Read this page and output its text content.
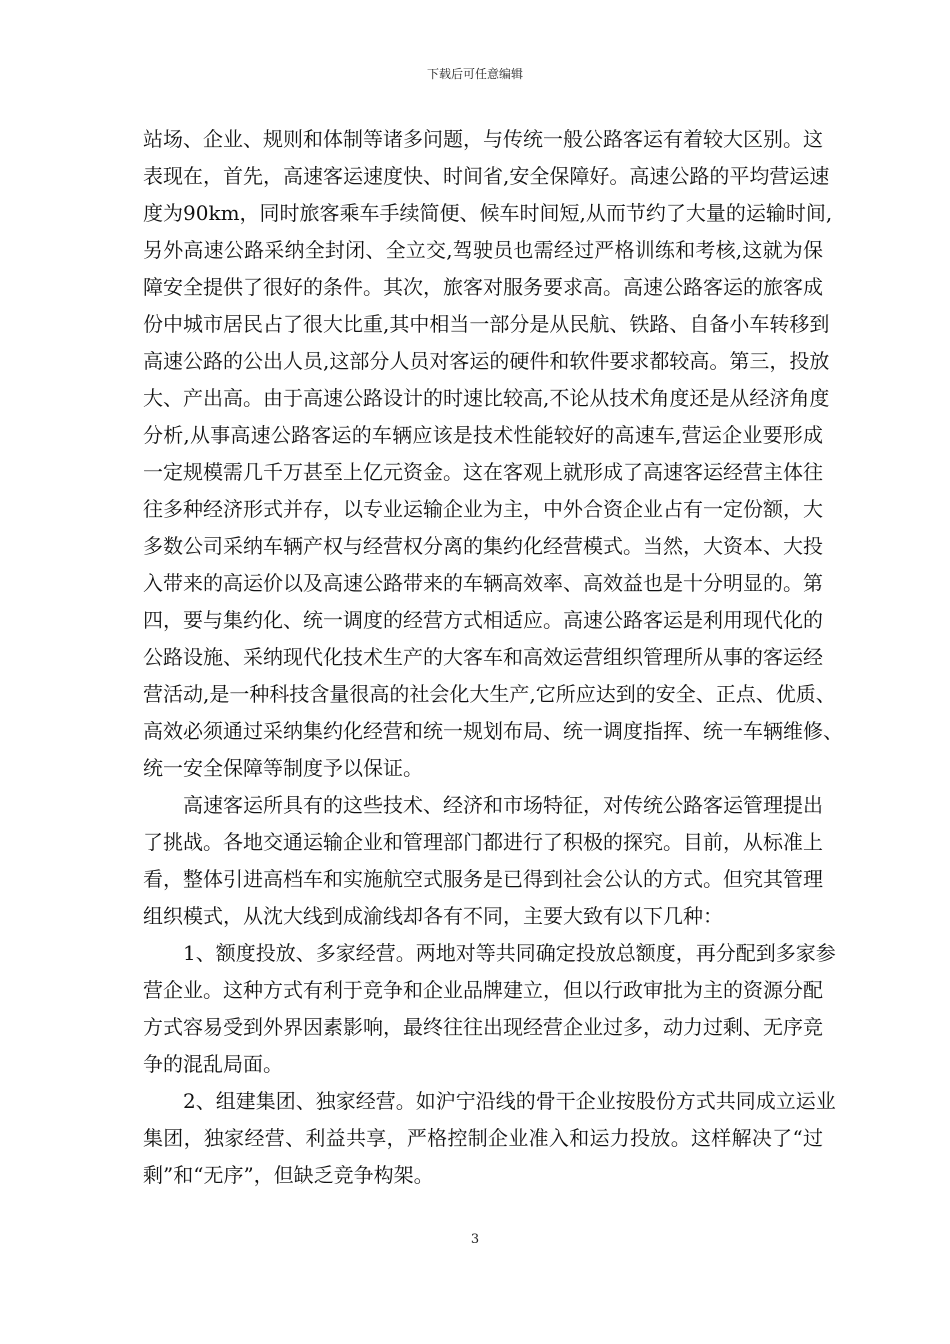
下载后可任意编辑
站场、企业、规则和体制等诸多问题，与传统一般公路客运有着较大区别。这
表现在，首先，高速客运速度快、时间省,安全保障好。高速公路的平均营运速
度为90km，同时旅客乘车手续简便、候车时间短,从而节约了大量的运输时间,
另外高速公路采纳全封闭、全立交,驾驶员也需经过严格训练和考核,这就为保
障安全提供了很好的条件。其次，旅客对服务要求高。高速公路客运的旅客成
份中城市居民占了很大比重,其中相当一部分是从民航、铁路、自备小车转移到
高速公路的公出人员,这部分人员对客运的硬件和软件要求都较高。第三，投放
大、产出高。由于高速公路设计的时速比较高,不论从技术角度还是从经济角度
分析,从事高速公路客运的车辆应该是技术性能较好的高速车,营运企业要形成
一定规模需几千万甚至上亿元资金。这在客观上就形成了高速客运经营主体往
往多种经济形式并存，以专业运输企业为主，中外合资企业占有一定份额，大
多数公司采纳车辆产权与经营权分离的集约化经营模式。当然，大资本、大投
入带来的高运价以及高速公路带来的车辆高效率、高效益也是十分明显的。第
四，要与集约化、统一调度的经营方式相适应。高速公路客运是利用现代化的
公路设施、采纳现代化技术生产的大客车和高效运营组织管理所从事的客运经
营活动,是一种科技含量很高的社会化大生产,它所应达到的安全、正点、优质、
高效必须通过采纳集约化经营和统一规划布局、统一调度指挥、统一车辆维修、
统一安全保障等制度予以保证。
　　高速客运所具有的这些技术、经济和市场特征，对传统公路客运管理提出
了挑战。各地交通运输企业和管理部门都进行了积极的探究。目前，从标准上
看，整体引进高档车和实施航空式服务是已得到社会公认的方式。但究其管理
组织模式，从沈大线到成渝线却各有不同，主要大致有以下几种：
　　1、额度投放、多家经营。两地对等共同确定投放总额度，再分配到多家参
营企业。这种方式有利于竞争和企业品牌建立，但以行政审批为主的资源分配
方式容易受到外界因素影响，最终往往出现经营企业过多，动力过剩、无序竞
争的混乱局面。
　　2、组建集团、独家经营。如沪宁沿线的骨干企业按股份方式共同成立运业
集团，独家经营、利益共享，严格控制企业准入和运力投放。这样解决了“过
剩”和“无序”，但缺乏竞争构架。
3
